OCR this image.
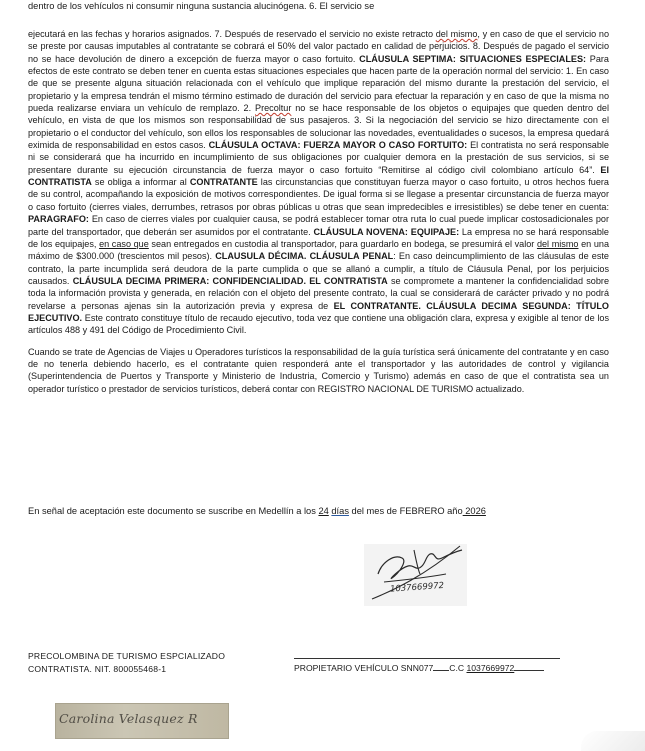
dentro de los vehículos ni consumir ninguna sustancia alucinógena. 6. El servicio se

ejecutará en las fechas y horarios asignados. 7. Después de reservado el servicio no existe retracto del mismo, y en caso de que el servicio no se preste por causas imputables al contratante se cobrará el 50% del valor pactado en calidad de perjuicios. 8. Después de pagado el servicio no se hace devolución de dinero a excepción de fuerza mayor o caso fortuito. CLÁUSULA SEPTIMA: SITUACIONES ESPECIALES: Para efectos de este contrato se deben tener en cuenta estas situaciones especiales que hacen parte de la operación normal del servicio: 1. En caso de que se presente alguna situación relacionada con el vehículo que implique reparación del mismo durante la prestación del servicio, el propietario y la empresa tendrán el mismo término estimado de duración del servicio para efectuar la reparación y en caso de que la misma no pueda realizarse enviara un vehículo de remplazo. 2. Precoltur no se hace responsable de los objetos o equipajes que queden dentro del vehículo, en vista de que los mismos son responsabilidad de sus pasajeros. 3. Si la negociación del servicio se hizo directamente con el propietario o el conductor del vehículo, son ellos los responsables de solucionar las novedades, eventualidades o sucesos, la empresa quedará eximida de responsabilidad en estos casos. CLÁUSULA OCTAVA: FUERZA MAYOR O CASO FORTUITO: El contratista no será responsable ni se considerará que ha incurrido en incumplimiento de sus obligaciones por cualquier demora en la prestación de sus servicios, si se presentare durante su ejecución circunstancia de fuerza mayor o caso fortuito “Remitirse al código civil colombiano artículo 64”. El CONTRATISTA se obliga a informar al CONTRATANTE las circunstancias que constituyan fuerza mayor o caso fortuito, u otros hechos fuera de su control, acompañando la exposición de motivos correspondientes. De igual forma si se llegase a presentar circunstancia de fuerza mayor o caso fortuito (cierres viales, derrumbes, retrasos por obras públicas u otras que sean impredecibles e irresistibles) se debe tener en cuenta: PARAGRAFO: En caso de cierres viales por cualquier causa, se podrá establecer tomar otra ruta lo cual puede implicar costosadicionales por parte del transportador, que deberán ser asumidos por el contratante. CLÁUSULA NOVENA: EQUIPAJE: La empresa no se hará responsable de los equipajes, en caso que sean entregados en custodia al transportador, para guardarlo en bodega, se presumirá el valor del mismo en una máximo de $300.000 (trescientos mil pesos). CLAUSULA DÉCIMA. CLÁUSULA PENAL: En caso deincumplimiento de las cláusulas de este contrato, la parte incumplida será deudora de la parte cumplida o que se allanó a cumplir, a título de Cláusula Penal, por los perjuicios causados. CLÁUSULA DECIMA PRIMERA: CONFIDENCIALIDAD. EL CONTRATISTA se compromete a mantener la confidencialidad sobre toda la información provista y generada, en relación con el objeto del presente contrato, la cual se considerará de carácter privado y no podrá revelarse a personas ajenas sin la autorización previa y expresa de EL CONTRATANTE. CLÁUSULA DECIMA SEGUNDA: TÍTULO EJECUTIVO. Este contrato constituye título de recaudo ejecutivo, toda vez que contiene una obligación clara, expresa y exigible al tenor de los artículos 488 y 491 del Código de Procedimiento Civil.

Cuando se trate de Agencias de Viajes u Operadores turísticos la responsabilidad de la guía turística será únicamente del contratante y en caso de no tenerla debiendo hacerlo, es el contratante quien responderá ante el transportador y las autoridades de control y vigilancia (Superintendencia de Puertos y Transporte y Ministerio de Industria, Comercio y Turismo) además en caso de que el contratista sea un operador turístico o prestador de servicios turísticos, deberá contar con REGISTRO NACIONAL DE TURISMO actualizado.

En señal de aceptación este documento se suscribe en Medellín a los 24 días del mes de FEBRERO año 2026
1037669972
PRECOLOMBINA DE TURISMO ESPCIALIZADO
CONTRATISTA. NIT. 800055468-1	PROPIETARIO VEHÍCULO SNN077 C.C 1037669972
Carolina Velasquez R
